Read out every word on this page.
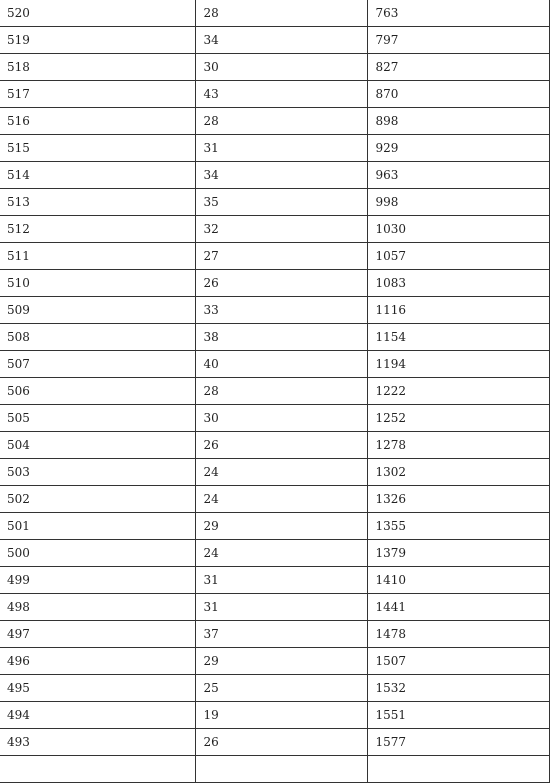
520	28	763
519	34	797
518	30	827
517	43	870
516	28	898
515	31	929
514	34	963
513	35	998
512	32	1030
511	27	1057
510	26	1083
509	33	1116
508	38	1154
507	40	1194
506	28	1222
505	30	1252
504	26	1278
503	24	1302
502	24	1326
501	29	1355
500	24	1379
499	31	1410
498	31	1441
497	37	1478
496	29	1507
495	25	1532
494	19	1551
493	26	1577
